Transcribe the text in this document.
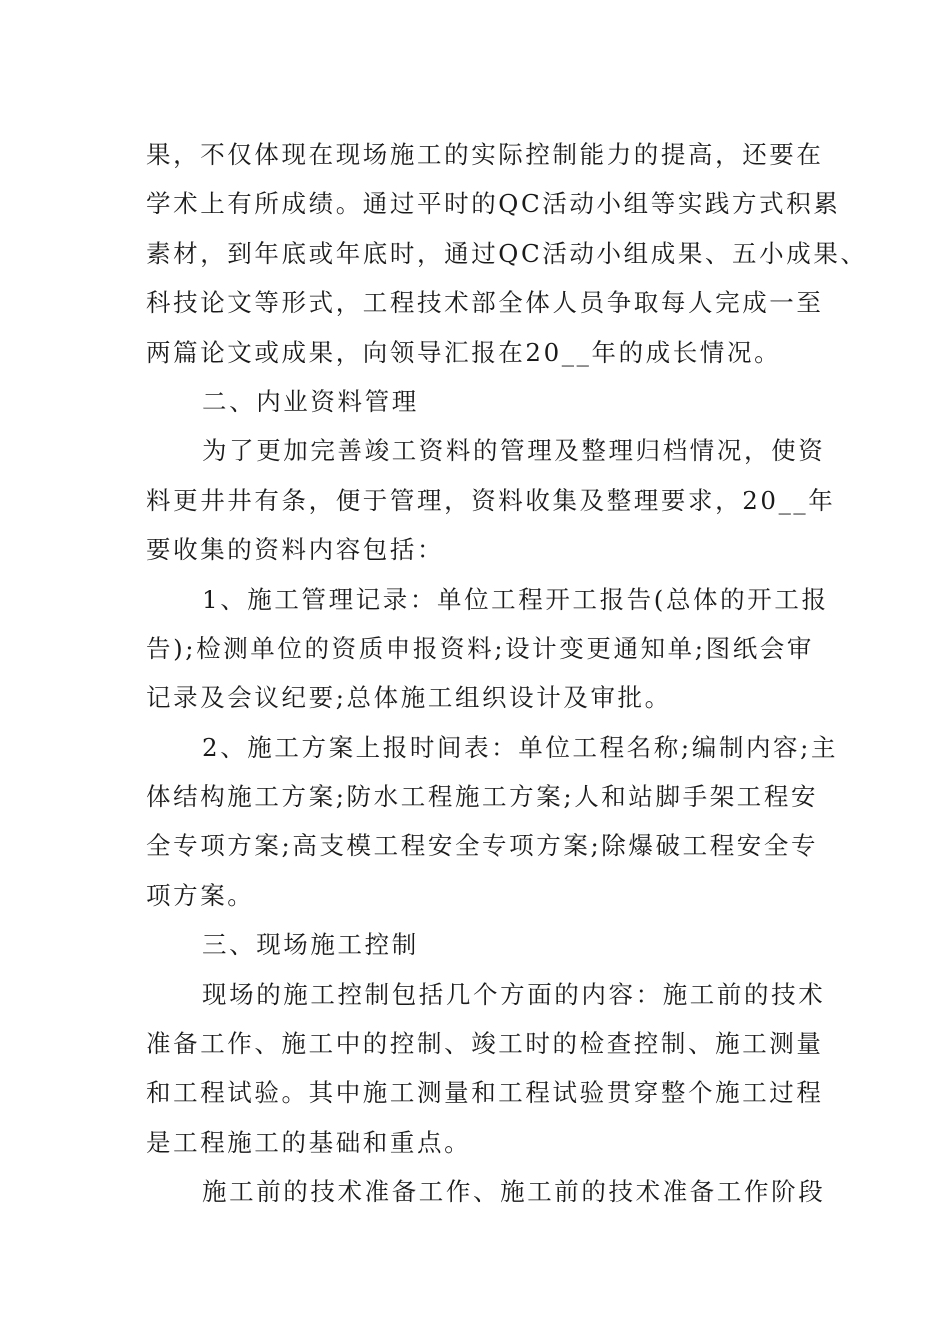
果，不仅体现在现场施工的实际控制能力的提高，还要在
学术上有所成绩。通过平时的QC活动小组等实践方式积累
素材，到年底或年底时，通过QC活动小组成果、五小成果、
科技论文等形式，工程技术部全体人员争取每人完成一至
两篇论文或成果，向领导汇报在20__年的成长情况。
二、内业资料管理
为了更加完善竣工资料的管理及整理归档情况，使资
料更井井有条，便于管理，资料收集及整理要求，20__年
要收集的资料内容包括：
1、施工管理记录：单位工程开工报告(总体的开工报
告);检测单位的资质申报资料;设计变更通知单;图纸会审
记录及会议纪要;总体施工组织设计及审批。
2、施工方案上报时间表：单位工程名称;编制内容;主
体结构施工方案;防水工程施工方案;人和站脚手架工程安
全专项方案;高支模工程安全专项方案;除爆破工程安全专
项方案。
三、现场施工控制
现场的施工控制包括几个方面的内容：施工前的技术
准备工作、施工中的控制、竣工时的检查控制、施工测量
和工程试验。其中施工测量和工程试验贯穿整个施工过程
是工程施工的基础和重点。
施工前的技术准备工作、施工前的技术准备工作阶段
